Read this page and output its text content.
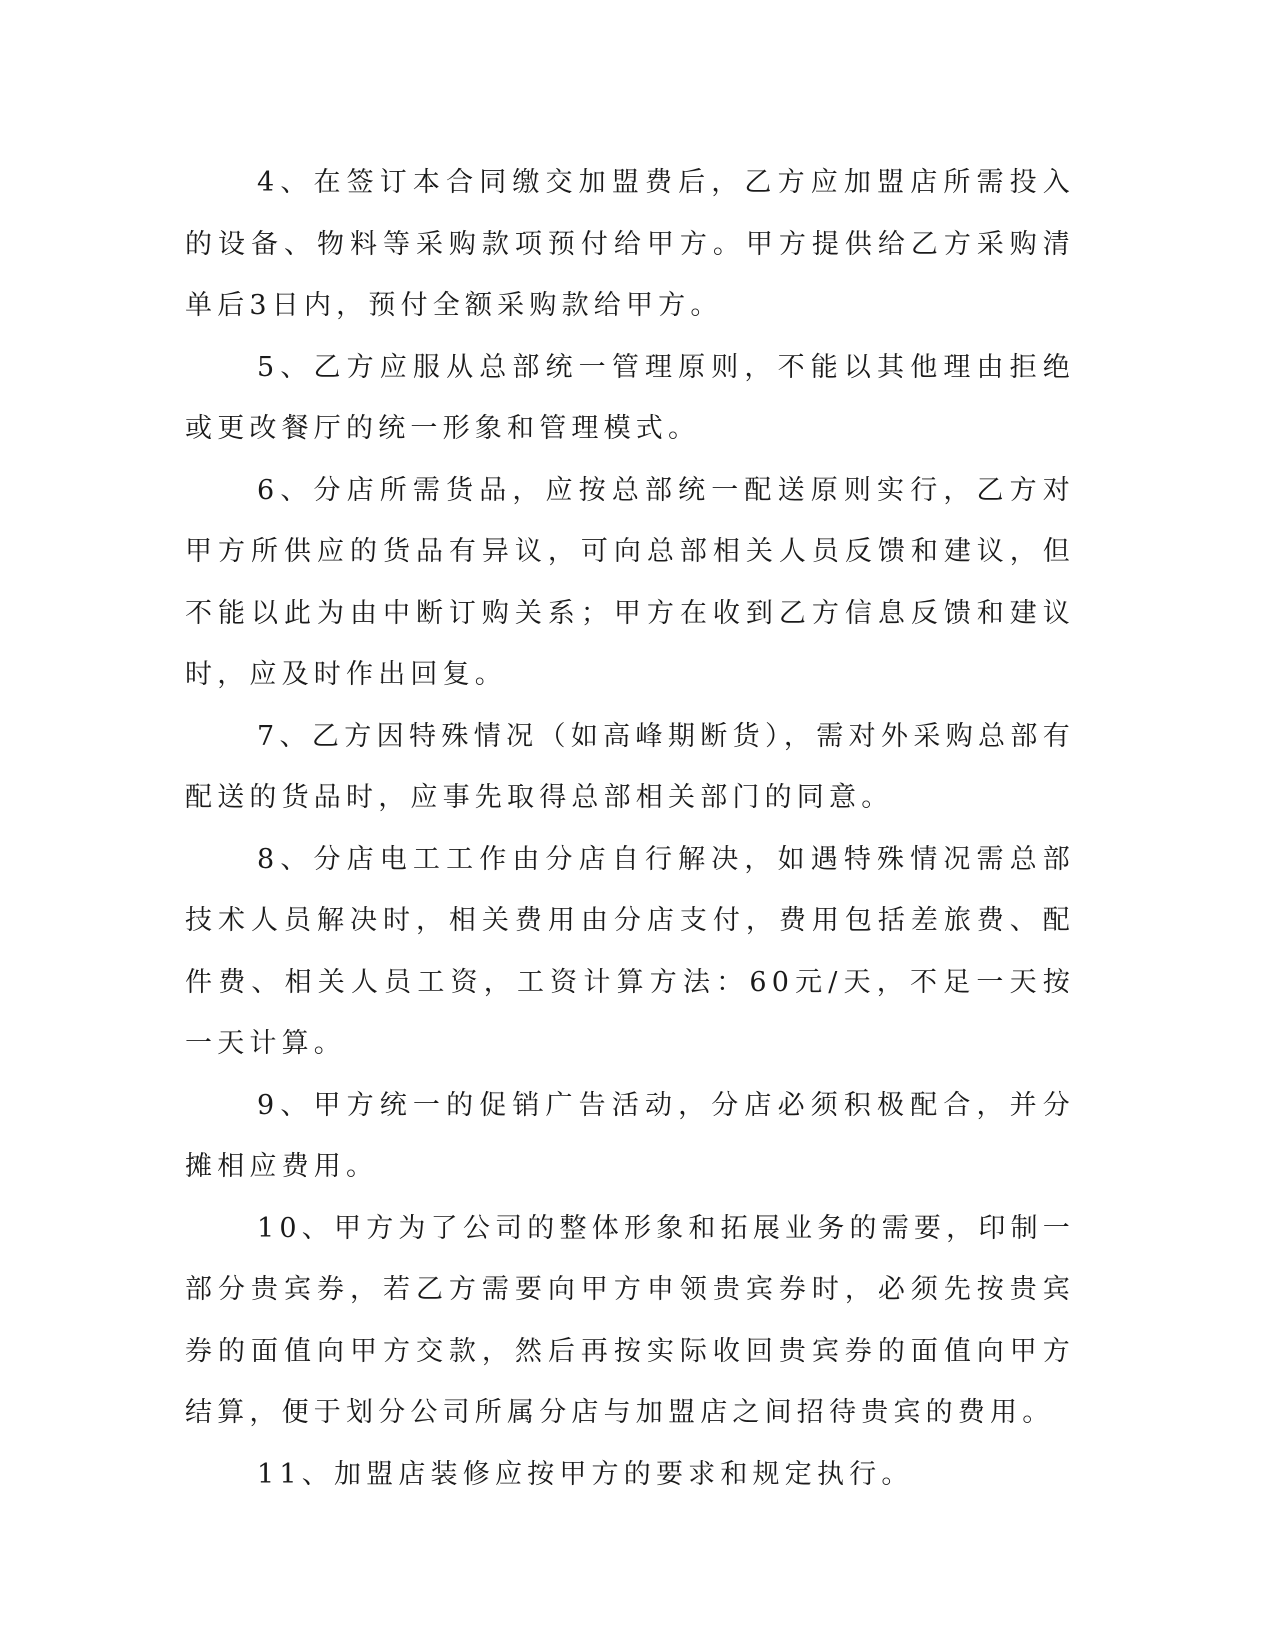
4、在签订本合同缴交加盟费后，乙方应加盟店所需投入的设备、物料等采购款项预付给甲方。甲方提供给乙方采购清单后3日内，预付全额采购款给甲方。

5、乙方应服从总部统一管理原则，不能以其他理由拒绝或更改餐厅的统一形象和管理模式。

6、分店所需货品，应按总部统一配送原则实行，乙方对甲方所供应的货品有异议，可向总部相关人员反馈和建议，但不能以此为由中断订购关系；甲方在收到乙方信息反馈和建议时，应及时作出回复。

7、乙方因特殊情况（如高峰期断货），需对外采购总部有配送的货品时，应事先取得总部相关部门的同意。

8、分店电工工作由分店自行解决，如遇特殊情况需总部技术人员解决时，相关费用由分店支付，费用包括差旅费、配件费、相关人员工资，工资计算方法：60元/天，不足一天按一天计算。

9、甲方统一的促销广告活动，分店必须积极配合，并分摊相应费用。

10、甲方为了公司的整体形象和拓展业务的需要，印制一部分贵宾券，若乙方需要向甲方申领贵宾券时，必须先按贵宾券的面值向甲方交款，然后再按实际收回贵宾券的面值向甲方结算，便于划分公司所属分店与加盟店之间招待贵宾的费用。

11、加盟店装修应按甲方的要求和规定执行。
